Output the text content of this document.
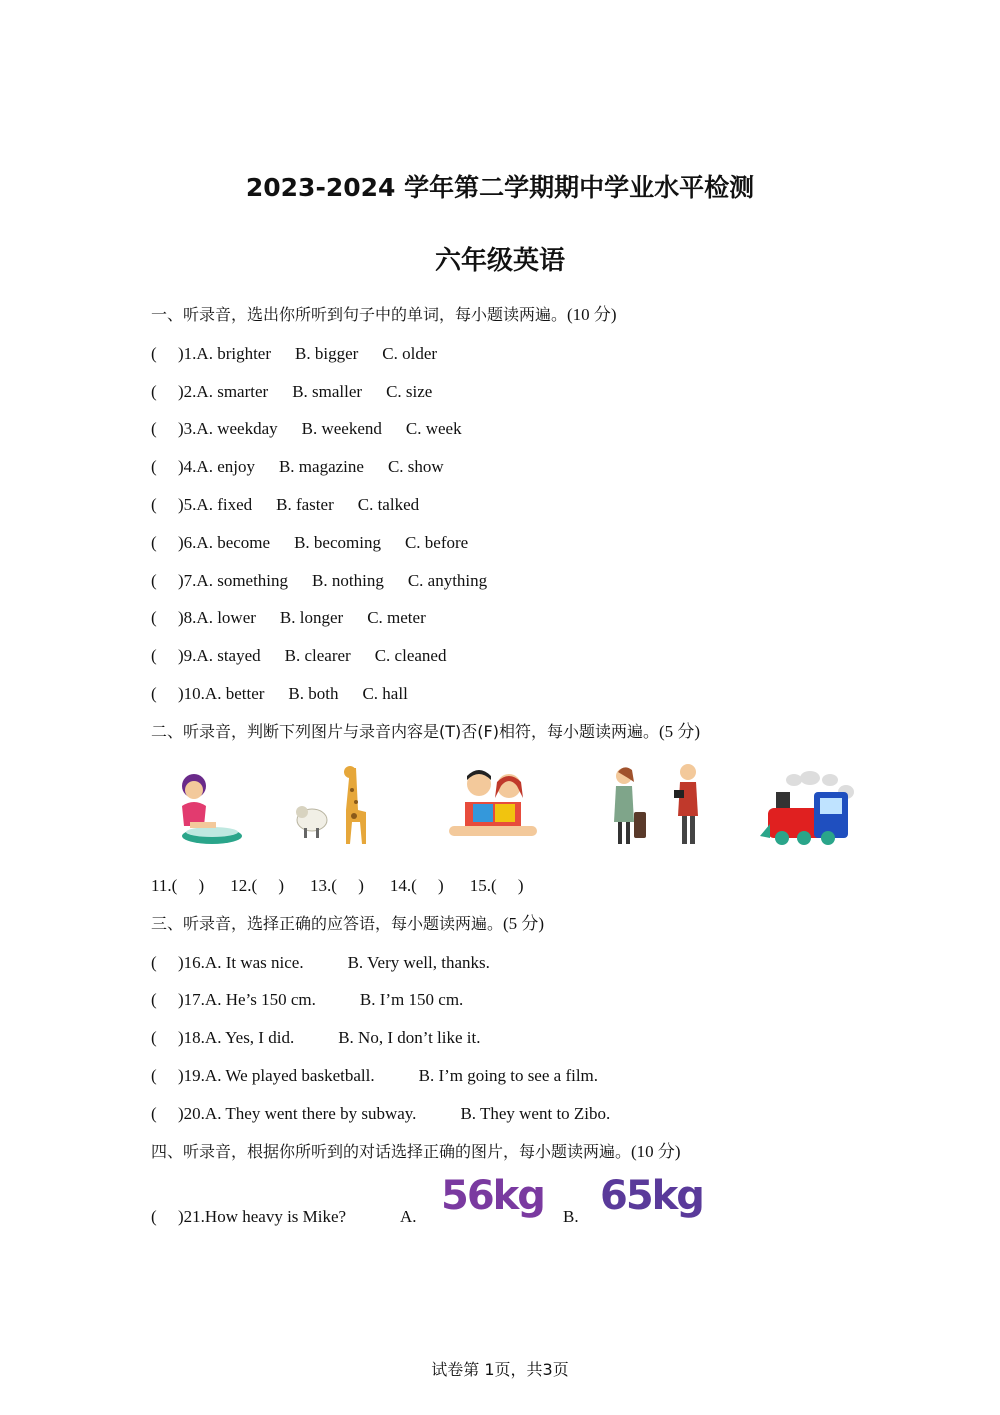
2023-2024 学年第二学期期中学业水平检测
六年级英语
一、听录音，选出你所听到句子中的单词，每小题读两遍。(10 分)
( )1.A. brighter B. bigger C. older
( )2.A. smarter B. smaller C. size
( )3.A. weekday B. weekend C. week
( )4.A. enjoy B. magazine C. show
( )5.A. fixed B. faster C. talked
( )6.A. become B. becoming C. before
( )7.A. something B. nothing C. anything
( )8.A. lower B. longer C. meter
( )9.A. stayed B. clearer C. cleaned
( )10.A. better B. both C. hall
二、听录音，判断下列图片与录音内容是(T)否(F)相符，每小题读两遍。(5 分)
11.(　 ) 12.(　 ) 13.(　 ) 14.(　 ) 15.(　 )
三、听录音，选择正确的应答语，每小题读两遍。(5 分)
( )16.A. It was nice.	B. Very well, thanks.
( )17.A. He’s 150 cm.	B. I’m 150 cm.
( )18.A. Yes, I did.	B. No, I don’t like it.
( )19.A. We played basketball.	B. I’m going to see a film.
( )20.A. They went there by subway.	B. They went to Zibo.
四、听录音，根据你所听到的对话选择正确的图片，每小题读两遍。(10 分)
( )21.How heavy is Mike?	A. 56kg B. 65kg
试卷第 1页，共3页
